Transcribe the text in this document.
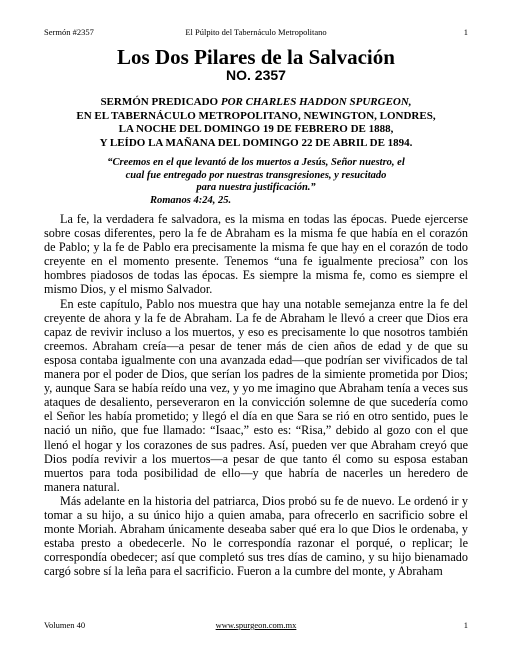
Sermón #2357	El Púlpito del Tabernáculo Metropolitano	1
Los Dos Pilares de la Salvación
NO. 2357
SERMÓN PREDICADO POR CHARLES HADDON SPURGEON,
EN EL TABERNÁCULO METROPOLITANO, NEWINGTON, LONDRES,
LA NOCHE DEL DOMINGO 19 DE FEBRERO DE 1888,
Y LEÍDO LA MAÑANA DEL DOMINGO 22 DE ABRIL DE 1894.
“Creemos en el que levantó de los muertos a Jesús, Señor nuestro, el
cual fue entregado por nuestras transgresiones, y resucitado
para nuestra justificación.”
Romanos 4:24, 25.

La fe, la verdadera fe salvadora, es la misma en todas las épocas. Puede ejercerse sobre cosas diferentes, pero la fe de Abraham es la misma fe que había en el corazón de Pablo; y la fe de Pablo era precisamente la misma fe que hay en el corazón de todo creyente en el momento presente. Tenemos “una fe igualmente preciosa” con los hombres piadosos de todas las épocas. Es siempre la misma fe, como es siempre el mismo Dios, y el mismo Salvador.

En este capítulo, Pablo nos muestra que hay una notable semejanza entre la fe del creyente de ahora y la fe de Abraham. La fe de Abraham le llevó a creer que Dios era capaz de revivir incluso a los muertos, y eso es precisamente lo que nosotros también creemos. Abraham creía—a pesar de tener más de cien años de edad y de que su esposa contaba igualmente con una avanzada edad—que podrían ser vivificados de tal manera por el poder de Dios, que serían los padres de la simiente prometida por Dios; y, aunque Sara se había reído una vez, y yo me imagino que Abraham tenía a veces sus ataques de desaliento, perseveraron en la convicción solemne de que sucedería como el Señor les había prometido; y llegó el día en que Sara se rió en otro sentido, pues le nació un niño, que fue llamado: “Isaac,” esto es: “Risa,” debido al gozo con el que llenó el hogar y los corazones de sus padres. Así, pueden ver que Abraham creyó que Dios podía revivir a los muertos—a pesar de que tanto él como su esposa estaban muertos para toda posibilidad de ello—y que habría de nacerles un heredero de manera natural.

Más adelante en la historia del patriarca, Dios probó su fe de nuevo. Le ordenó ir y tomar a su hijo, a su único hijo a quien amaba, para ofrecerlo en sacrificio sobre el monte Moriah. Abraham únicamente deseaba saber qué era lo que Dios le ordenaba, y estaba presto a obedecerle. No le correspondía razonar el porqué, o replicar; le correspondía obedecer; así que completó sus tres días de camino, y su hijo bienamado cargó sobre sí la leña para el sacrificio. Fueron a la cumbre del monte, y Abraham

Volumen 40	www.spurgeon.com.mx	1
